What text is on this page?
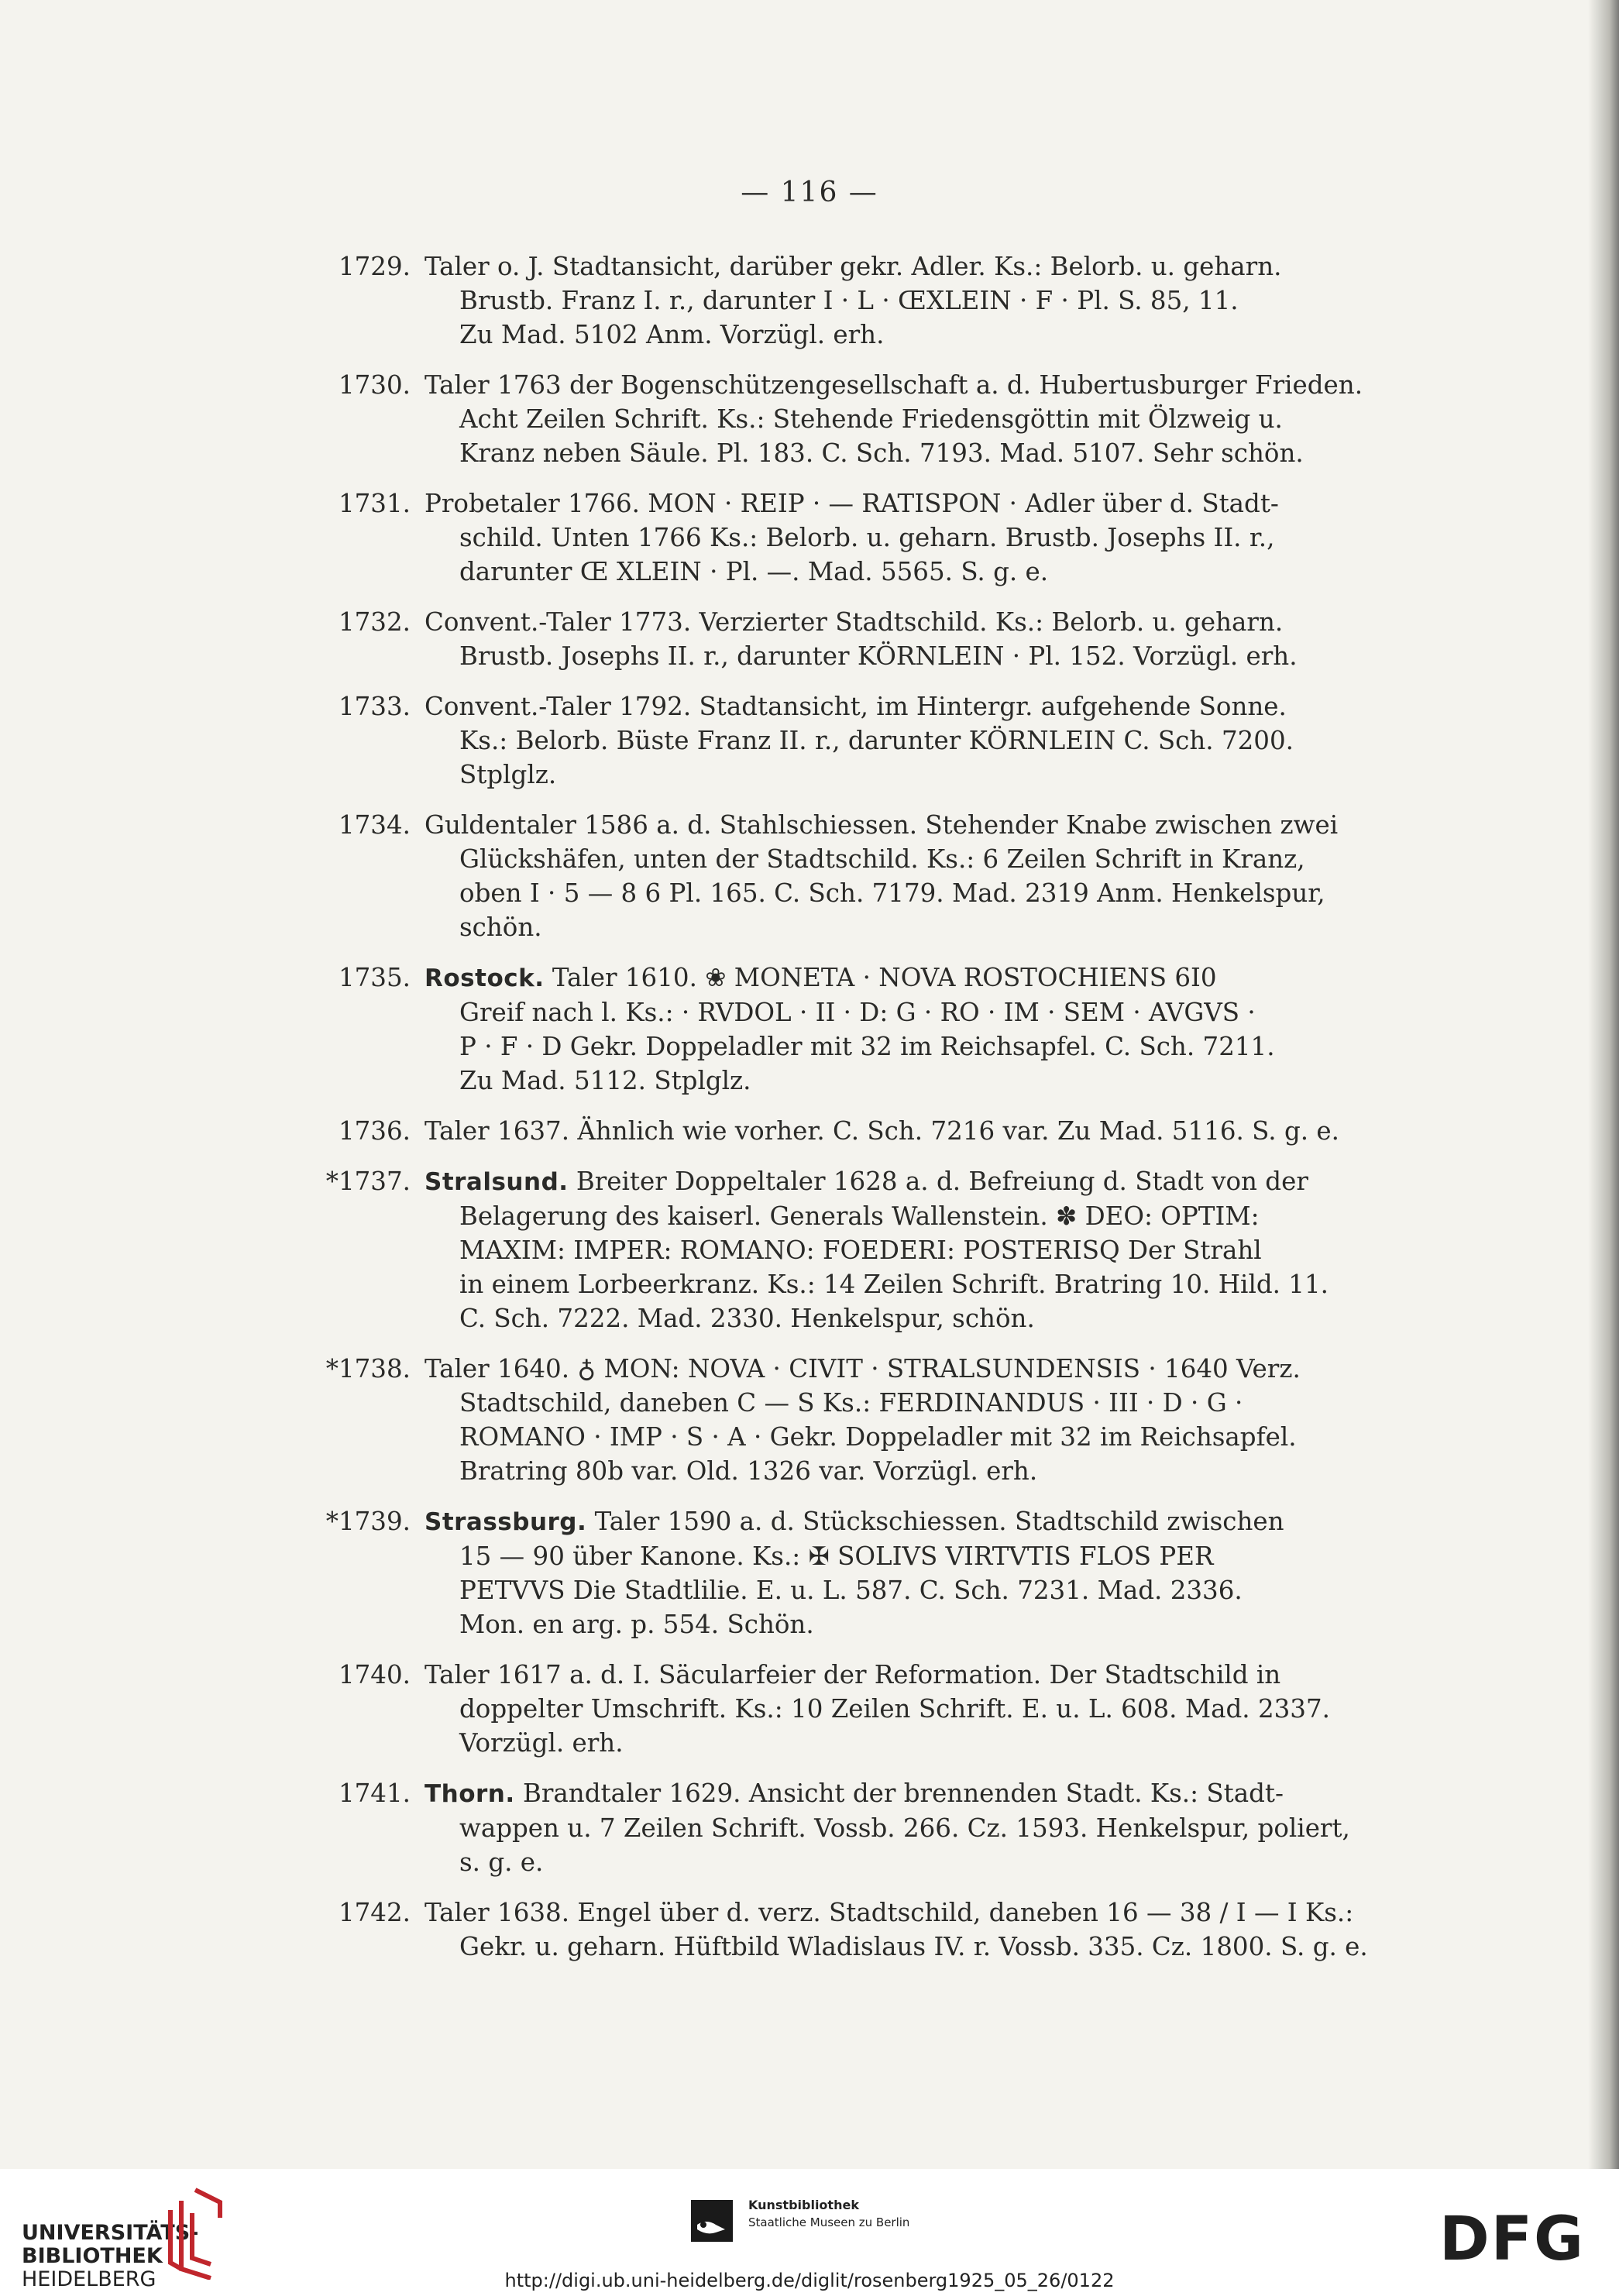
— 116 —
1729. Taler o. J. Stadtansicht, darüber gekr. Adler. Ks.: Belorb. u. geharn.
Brustb. Franz I. r., darunter I · L · ŒXLEIN · F · Pl. S. 85, 11.
Zu Mad. 5102 Anm. Vorzügl. erh.
1730. Taler 1763 der Bogenschützengesellschaft a. d. Hubertusburger Frieden.
Acht Zeilen Schrift. Ks.: Stehende Friedensgöttin mit Ölzweig u.
Kranz neben Säule. Pl. 183. C. Sch. 7193. Mad. 5107. Sehr schön.
1731. Probetaler 1766. MON · REIP · — RATISPON · Adler über d. Stadt-
schild. Unten 1766 Ks.: Belorb. u. geharn. Brustb. Josephs II. r.,
darunter Œ XLEIN · Pl. —. Mad. 5565. S. g. e.
1732. Convent.-Taler 1773. Verzierter Stadtschild. Ks.: Belorb. u. geharn.
Brustb. Josephs II. r., darunter KÖRNLEIN · Pl. 152. Vorzügl. erh.
1733. Convent.-Taler 1792. Stadtansicht, im Hintergr. aufgehende Sonne.
Ks.: Belorb. Büste Franz II. r., darunter KÖRNLEIN C. Sch. 7200.
Stplglz.
1734. Guldentaler 1586 a. d. Stahlschiessen. Stehender Knabe zwischen zwei
Glückshäfen, unten der Stadtschild. Ks.: 6 Zeilen Schrift in Kranz,
oben I · 5 — 8 6 Pl. 165. C. Sch. 7179. Mad. 2319 Anm. Henkelspur,
schön.
1735. Rostock. Taler 1610. ❀ MONETA · NOVA ROSTOCHIENS 6I0
Greif nach l. Ks.: · RVDOL · II · D: G · RO · IM · SEM · AVGVS ·
P · F · D Gekr. Doppeladler mit 32 im Reichsapfel. C. Sch. 7211.
Zu Mad. 5112. Stplglz.
1736. Taler 1637. Ähnlich wie vorher. C. Sch. 7216 var. Zu Mad. 5116. S. g. e.
*1737. Stralsund. Breiter Doppeltaler 1628 a. d. Befreiung d. Stadt von der
Belagerung des kaiserl. Generals Wallenstein. ✽ DEO: OPTIM:
MAXIM: IMPER: ROMANO: FOEDERI: POSTERISQ Der Strahl
in einem Lorbeerkranz. Ks.: 14 Zeilen Schrift. Bratring 10. Hild. 11.
C. Sch. 7222. Mad. 2330. Henkelspur, schön.
*1738. Taler 1640. ♁ MON: NOVA · CIVIT · STRALSUNDENSIS · 1640 Verz.
Stadtschild, daneben C — S Ks.: FERDINANDUS · III · D · G ·
ROMANO · IMP · S · A · Gekr. Doppeladler mit 32 im Reichsapfel.
Bratring 80b var. Old. 1326 var. Vorzügl. erh.
*1739. Strassburg. Taler 1590 a. d. Stückschiessen. Stadtschild zwischen
15 — 90 über Kanone. Ks.: ✠ SOLIVS VIRTVTIS FLOS PER
PETVVS Die Stadtlilie. E. u. L. 587. C. Sch. 7231. Mad. 2336.
Mon. en arg. p. 554. Schön.
1740. Taler 1617 a. d. I. Säcularfeier der Reformation. Der Stadtschild in
doppelter Umschrift. Ks.: 10 Zeilen Schrift. E. u. L. 608. Mad. 2337.
Vorzügl. erh.
1741. Thorn. Brandtaler 1629. Ansicht der brennenden Stadt. Ks.: Stadt-
wappen u. 7 Zeilen Schrift. Vossb. 266. Cz. 1593. Henkelspur, poliert,
s. g. e.
1742. Taler 1638. Engel über d. verz. Stadtschild, daneben 16 — 38 / I — I Ks.:
Gekr. u. geharn. Hüftbild Wladislaus IV. r. Vossb. 335. Cz. 1800. S. g. e.
UNIVERSITÄTS-
BIBLIOTHEK
HEIDELBERG
Kunstbibliothek
Staatliche Museen zu Berlin	DFG
http://digi.ub.uni-heidelberg.de/diglit/rosenberg1925_05_26/0122
